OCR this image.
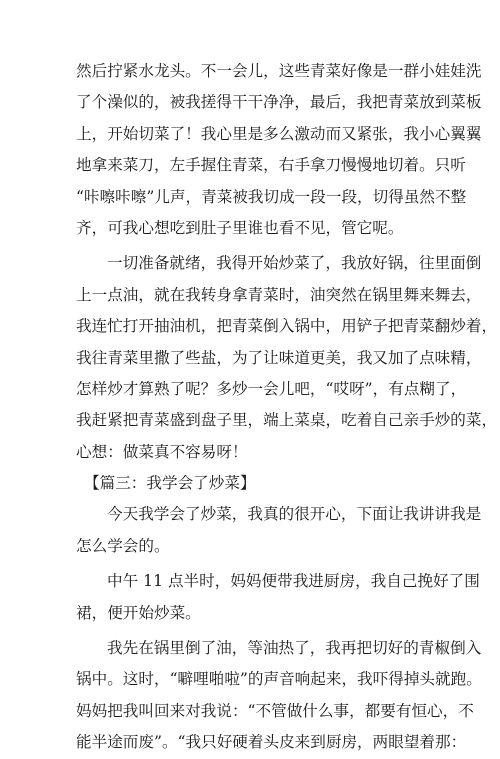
然后拧紧水龙头。不一会儿，这些青菜好像是一群小娃娃洗
了个澡似的，被我搓得干干净净，最后，我把青菜放到菜板
上，开始切菜了！我心里是多么激动而又紧张，我小心翼翼
地拿来菜刀，左手握住青菜，右手拿刀慢慢地切着。只听
“咔嚓咔嚓”儿声，青菜被我切成一段一段，切得虽然不整
齐，可我心想吃到肚子里谁也看不见，管它呢。
一切准备就绪，我得开始炒菜了，我放好锅，往里面倒
上一点油，就在我转身拿青菜时，油突然在锅里舞来舞去，
我连忙打开抽油机，把青菜倒入锅中，用铲子把青菜翻炒着，
我往青菜里撒了些盐，为了让味道更美，我又加了点味精，
怎样炒才算熟了呢？多炒一会儿吧，“哎呀”，有点糊了，
我赶紧把青菜盛到盘子里，端上菜桌，吃着自己亲手炒的菜，
心想：做菜真不容易呀！
【篇三：我学会了炒菜】
今天我学会了炒菜，我真的很开心，下面让我讲讲我是
怎么学会的。
中午 11 点半时，妈妈便带我进厨房，我自己挽好了围
裙，便开始炒菜。
我先在锅里倒了油，等油热了，我再把切好的青椒倒入
锅中。这时，“噼哩啪啦”的声音响起来，我吓得掉头就跑。
妈妈把我叫回来对我说：“不管做什么事，都要有恒心，不
能半途而废”。“我只好硬着头皮来到厨房，两眼望着那：
